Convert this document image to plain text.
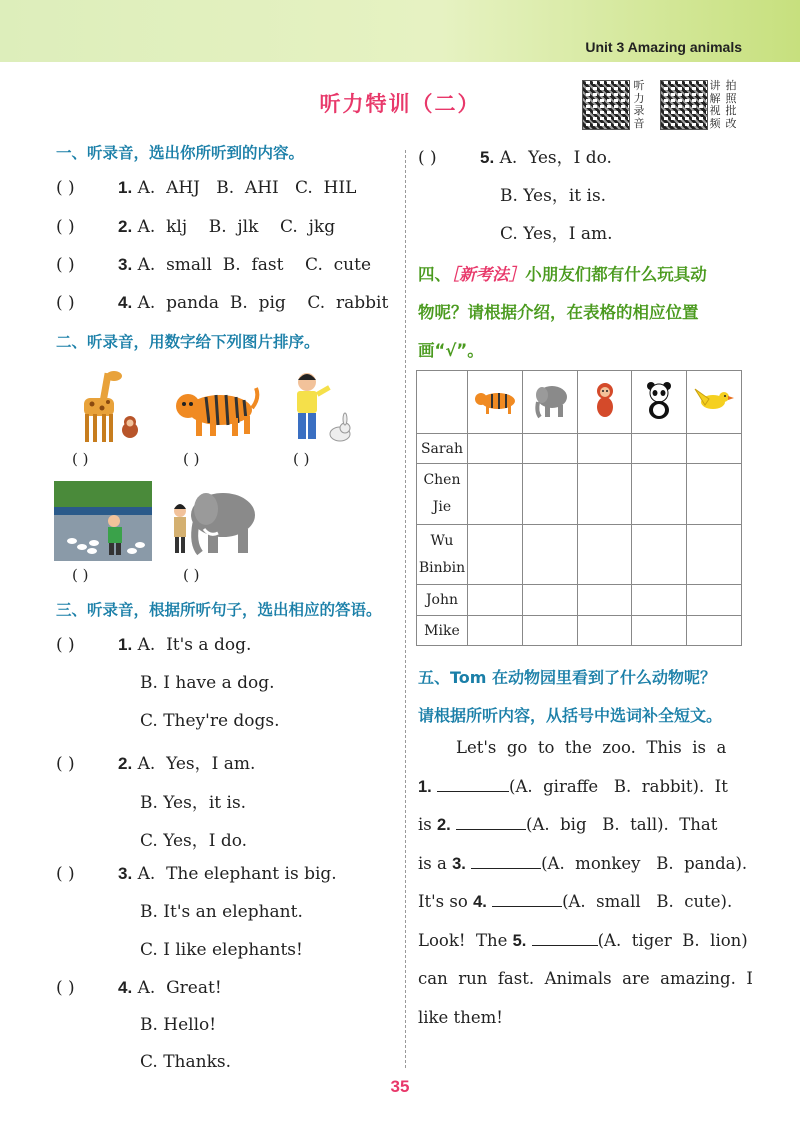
Unit 3 Amazing animals
听力特训（二）
听
力
录
音
讲
解
视
频
拍
照
批
改
一、听录音，选出你所听到的内容。
( )	1. A.  AHJ   B.  AHI   C.  HIL
( )	2. A.  klj    B.  jlk    C.  jkg
( )	3. A.  small  B.  fast    C.  cute
( )	4. A.  panda  B.  pig    C.  rabbit
二、听录音，用数字给下列图片排序。
( )	( )	( )
( )	( )
三、听录音，根据所听句子，选出相应的答语。
( )	1. A.  It's a dog.
B. I have a dog.
C. They're dogs.
( )	2. A.  Yes，I am.
B. Yes，it is.
C. Yes，I do.
( )	3. A.  The elephant is big.
B. It's an elephant.
C. I like elephants!
( )	4. A.  Great!
B. Hello!
C. Thanks.
( )	5. A.  Yes，I do.
B. Yes，it is.
C. Yes，I am.
四、［新考法］小朋友们都有什么玩具动
物呢？请根据介绍，在表格的相应位置
画“√”。

Sarah					
Chen Jie					
Wu Binbin					
John					
Mike					
五、Tom 在动物园里看到了什么动物呢？
请根据所听内容，从括号中选词补全短文。
Let's  go  to  the  zoo.  This  is  a
1.	(A.  giraffe   B.  rabbit).  It
is 2.	(A.  big   B.  tall).  That
is a 3.	(A.  monkey   B.  panda).
It's so 4.	(A.  small   B.  cute).
Look!  The 5.	(A.  tiger  B.  lion)
can  run  fast.  Animals  are  amazing.  I
like them!
35
